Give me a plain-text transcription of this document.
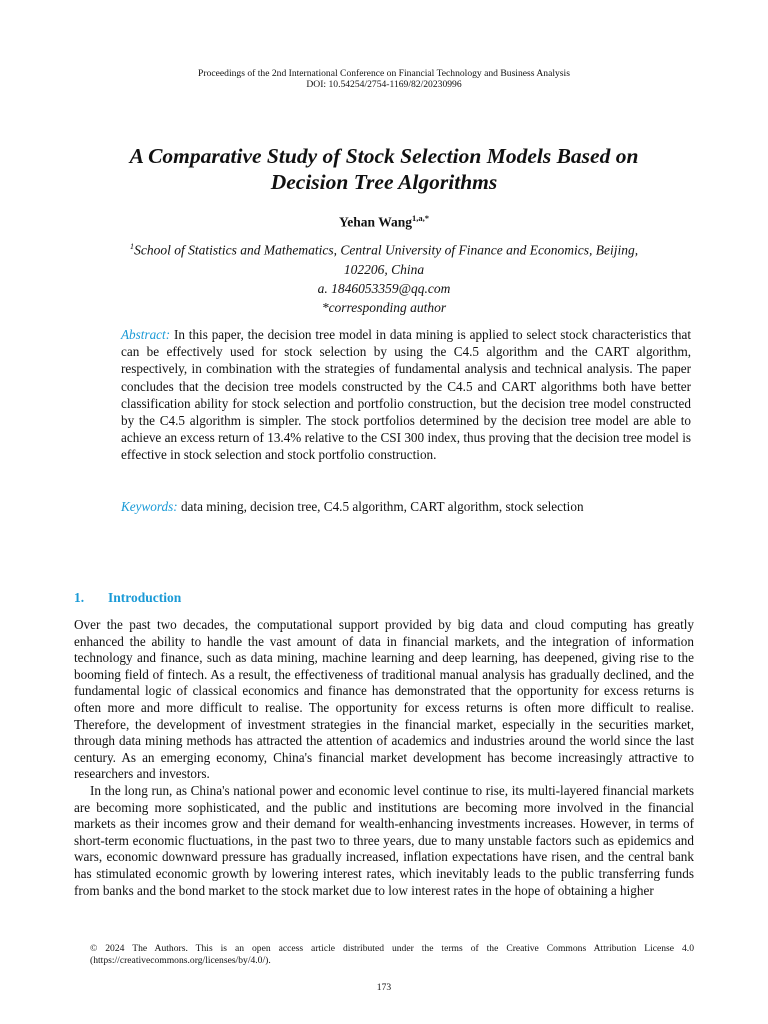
Proceedings of the 2nd International Conference on Financial Technology and Business Analysis
DOI: 10.54254/2754-1169/82/20230996
A Comparative Study of Stock Selection Models Based on
Decision Tree Algorithms
Yehan Wang$^{1,a,*}$
$^1$School of Statistics and Mathematics, Central University of Finance and Economics, Beijing,
102206, China
a. 1846053359@qq.com
*corresponding author
Abstract: In this paper, the decision tree model in data mining is applied to select stock characteristics that can be effectively used for stock selection by using the C4.5 algorithm and the CART algorithm, respectively, in combination with the strategies of fundamental analysis and technical analysis. The paper concludes that the decision tree models constructed by the C4.5 and CART algorithms both have better classification ability for stock selection and portfolio construction, but the decision tree model constructed by the C4.5 algorithm is simpler. The stock portfolios determined by the decision tree model are able to achieve an excess return of 13.4% relative to the CSI 300 index, thus proving that the decision tree model is effective in stock selection and stock portfolio construction.
Keywords: data mining, decision tree, C4.5 algorithm, CART algorithm, stock selection
1. Introduction

Over the past two decades, the computational support provided by big data and cloud computing has greatly enhanced the ability to handle the vast amount of data in financial markets, and the integration of information technology and finance, such as data mining, machine learning and deep learning, has deepened, giving rise to the booming field of fintech. As a result, the effectiveness of traditional manual analysis has gradually declined, and the fundamental logic of classical economics and finance has demonstrated that the opportunity for excess returns is often more and more difficult to realise. The opportunity for excess returns is often more difficult to realise. Therefore, the development of investment strategies in the financial market, especially in the securities market, through data mining methods has attracted the attention of academics and industries around the world since the last century. As an emerging economy, China's financial market development has become increasingly attractive to researchers and investors.

In the long run, as China's national power and economic level continue to rise, its multi-layered financial markets are becoming more sophisticated, and the public and institutions are becoming more involved in the financial markets as their incomes grow and their demand for wealth-enhancing investments increases. However, in terms of short-term economic fluctuations, in the past two to three years, due to many unstable factors such as epidemics and wars, economic downward pressure has gradually increased, inflation expectations have risen, and the central bank has stimulated economic growth by lowering interest rates, which inevitably leads to the public transferring funds from banks and the bond market to the stock market due to low interest rates in the hope of obtaining a higher

© 2024 The Authors. This is an open access article distributed under the terms of the Creative Commons Attribution License 4.0 (https://creativecommons.org/licenses/by/4.0/).
173
